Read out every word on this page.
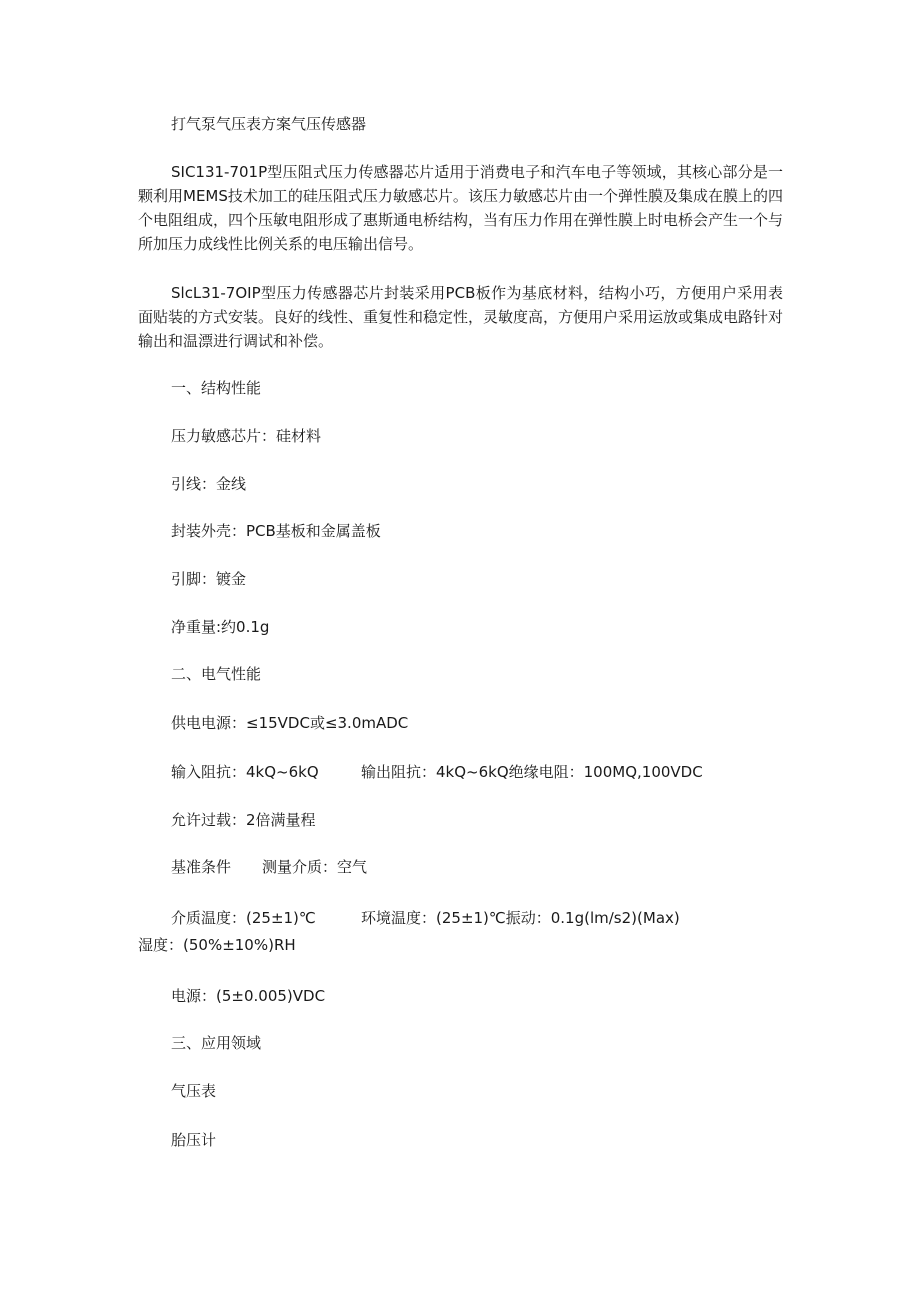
打气泵气压表方案气压传感器

SIC131-701P型压阻式压力传感器芯片适用于消费电子和汽车电子等领域，其核心部分是一颗利用MEMS技术加工的硅压阻式压力敏感芯片。该压力敏感芯片由一个弹性膜及集成在膜上的四个电阻组成，四个压敏电阻形成了惠斯通电桥结构，当有压力作用在弹性膜上时电桥会产生一个与所加压力成线性比例关系的电压输出信号。

SlcL31-7OIP型压力传感器芯片封装采用PCB板作为基底材料，结构小巧，方便用户采用表面贴装的方式安装。良好的线性、重复性和稳定性，灵敏度高，方便用户采用运放或集成电路针对输出和温漂进行调试和补偿。

一、结构性能

压力敏感芯片：硅材料

引线：金线

封装外壳：PCB基板和金属盖板

引脚：镀金

净重量:约0.1g

二、电气性能

供电电源：≤15VDC或≤3.0mADC

输入阻抗：4kQ~6kQ	输出阻抗：4kQ~6kQ绝缘电阻：100MQ,100VDC

允许过载：2倍满量程

基准条件 测量介质：空气

介质温度：(25±1)℃	环境温度：(25±1)℃振动：0.1g(lm∕s2)(Max)

湿度：(50%±10%)RH

电源：(5±0.005)VDC

三、应用领域

气压表

胎压计
